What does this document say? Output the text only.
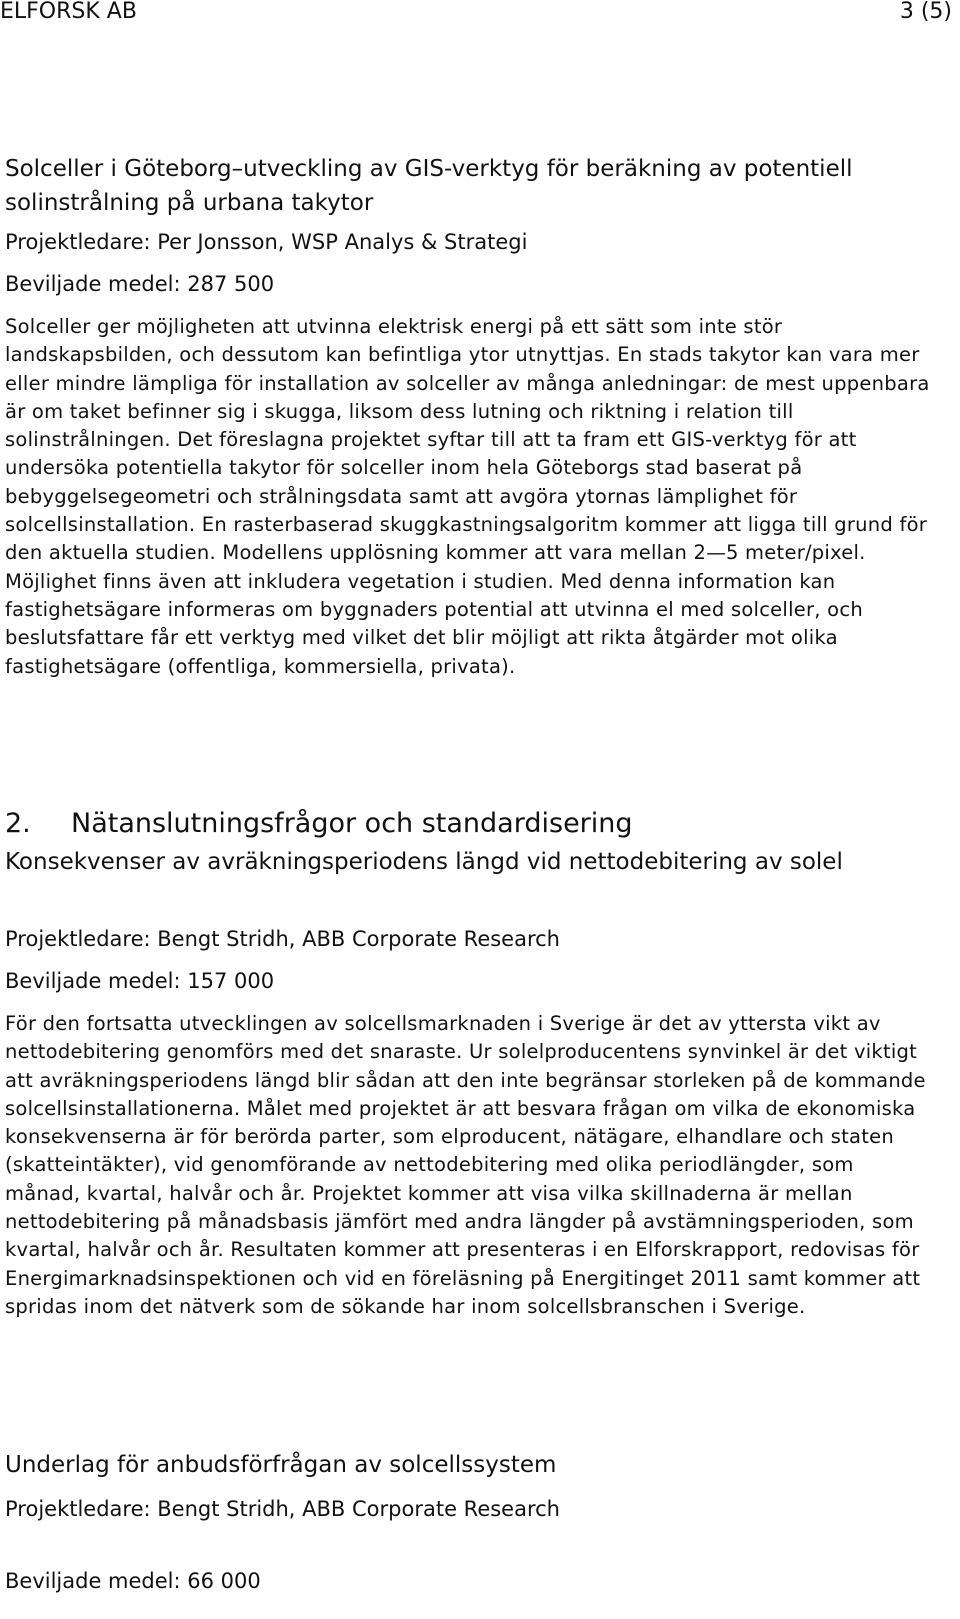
ELFORSK AB	3 (5)
Solceller i Göteborg–utveckling av GIS-verktyg för beräkning av potentiell solinstrålning på urbana takytor
Projektledare: Per Jonsson, WSP Analys & Strategi
Beviljade medel: 287 500

Solceller ger möjligheten att utvinna elektrisk energi på ett sätt som inte stör landskapsbilden, och dessutom kan befintliga ytor utnyttjas. En stads takytor kan vara mer eller mindre lämpliga för installation av solceller av många anledningar: de mest uppenbara är om taket befinner sig i skugga, liksom dess lutning och riktning i relation till solinstrålningen. Det föreslagna projektet syftar till att ta fram ett GIS-verktyg för att undersöka potentiella takytor för solceller inom hela Göteborgs stad baserat på bebyggelsegeometri och strålningsdata samt att avgöra ytornas lämplighet för solcellsinstallation. En rasterbaserad skuggkastningsalgoritm kommer att ligga till grund för den aktuella studien. Modellens upplösning kommer att vara mellan 2—5 meter/pixel. Möjlighet finns även att inkludera vegetation i studien. Med denna information kan fastighetsägare informeras om byggnaders potential att utvinna el med solceller, och beslutsfattare får ett verktyg med vilket det blir möjligt att rikta åtgärder mot olika fastighetsägare (offentliga, kommersiella, privata).

2. Nätanslutningsfrågor och standardisering
Konsekvenser av avräkningsperiodens längd vid nettodebitering av solel
Projektledare: Bengt Stridh, ABB Corporate Research
Beviljade medel: 157 000

För den fortsatta utvecklingen av solcellsmarknaden i Sverige är det av yttersta vikt av nettodebitering genomförs med det snaraste. Ur solelproducentens synvinkel är det viktigt att avräkningsperiodens längd blir sådan att den inte begränsar storleken på de kommande solcellsinstallationerna. Målet med projektet är att besvara frågan om vilka de ekonomiska konsekvenserna är för berörda parter, som elproducent, nätägare, elhandlare och staten (skatteintäkter), vid genomförande av nettodebitering med olika periodlängder, som månad, kvartal, halvår och år. Projektet kommer att visa vilka skillnaderna är mellan nettodebitering på månadsbasis jämfört med andra längder på avstämningsperioden, som kvartal, halvår och år. Resultaten kommer att presenteras i en Elforskrapport, redovisas för Energimarknadsinspektionen och vid en föreläsning på Energitinget 2011 samt kommer att spridas inom det nätverk som de sökande har inom solcellsbranschen i Sverige.

Underlag för anbudsförfrågan av solcellssystem
Projektledare: Bengt Stridh, ABB Corporate Research
Beviljade medel: 66 000
